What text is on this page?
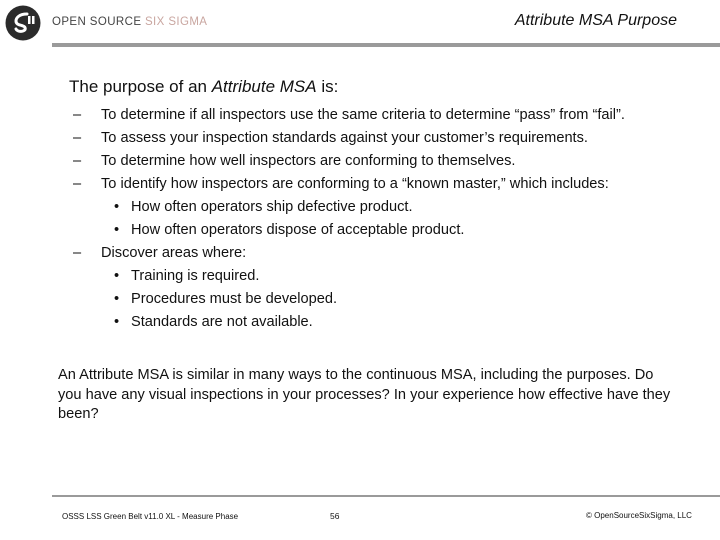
OPEN SOURCE SIX SIGMA	Attribute MSA Purpose
The purpose of an Attribute MSA is:
– To determine if all inspectors use the same criteria to determine “pass” from “fail”.
– To assess your inspection standards against your customer’s requirements.
– To determine how well inspectors are conforming to themselves.
– To identify how inspectors are conforming to a “known master,” which includes:
• How often operators ship defective product.
• How often operators dispose of acceptable product.
– Discover areas where:
• Training is required.
• Procedures must be developed.
• Standards are not available.
An Attribute MSA is similar in many ways to the continuous MSA, including the purposes. Do you have any visual inspections in your processes? In your experience how effective have they been?
OSSS LSS Green Belt v11.0 XL - Measure Phase	56	© OpenSourceSixSigma, LLC
